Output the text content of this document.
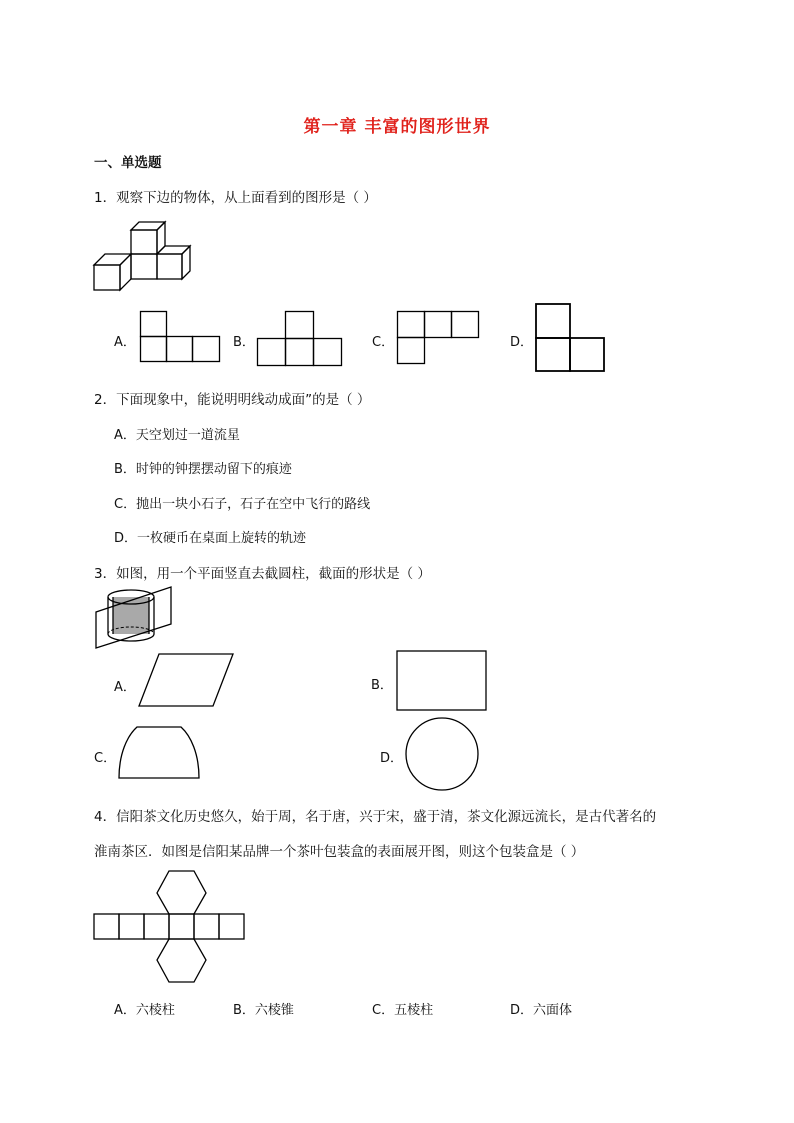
第一章 丰富的图形世界
一、单选题
1．观察下边的物体，从上面看到的图形是（ ）
A．	B．	C．	D．
2．下面现象中，能说明明线动成面”的是（ ）
A．天空划过一道流星
B．时钟的钟摆摆动留下的痕迹
C．抛出一块小石子，石子在空中飞行的路线
D．一枚硬币在桌面上旋转的轨迹
3．如图，用一个平面竖直去截圆柱，截面的形状是（ ）
A．	B．
C．	D．
4．信阳茶文化历史悠久，始于周，名于唐，兴于宋，盛于清，茶文化源远流长，是古代著名的
淮南茶区．如图是信阳某品牌一个茶叶包装盒的表面展开图，则这个包装盒是（ ）
A．六棱柱	B．六棱锥	C．五棱柱	D．六面体
